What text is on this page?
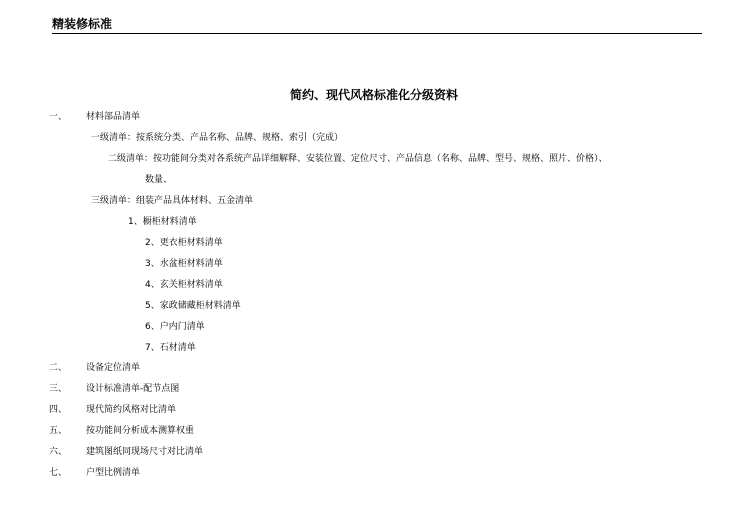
精装修标准
简约、现代风格标准化分级资料
一、 材料部品清单
一级清单：按系统分类、产品名称、品牌、规格、索引（完成）
二级清单：按功能间分类对各系统产品详细解释、安装位置、定位尺寸、产品信息（名称、品牌、型号、规格、照片、价格）、
数量、
三级清单：组装产品具体材料、五金清单
1、橱柜材料清单
2、更衣柜材料清单
3、水盆柜材料清单
4、玄关柜材料清单
5、家政储藏柜材料清单
6、户内门清单
7、石材清单
二、 设备定位清单
三、 设计标准清单-配节点图
四、 现代简约风格对比清单
五、 按功能间分析成本测算权重
六、 建筑图纸同现场尺寸对比清单
七、 户型比例清单
